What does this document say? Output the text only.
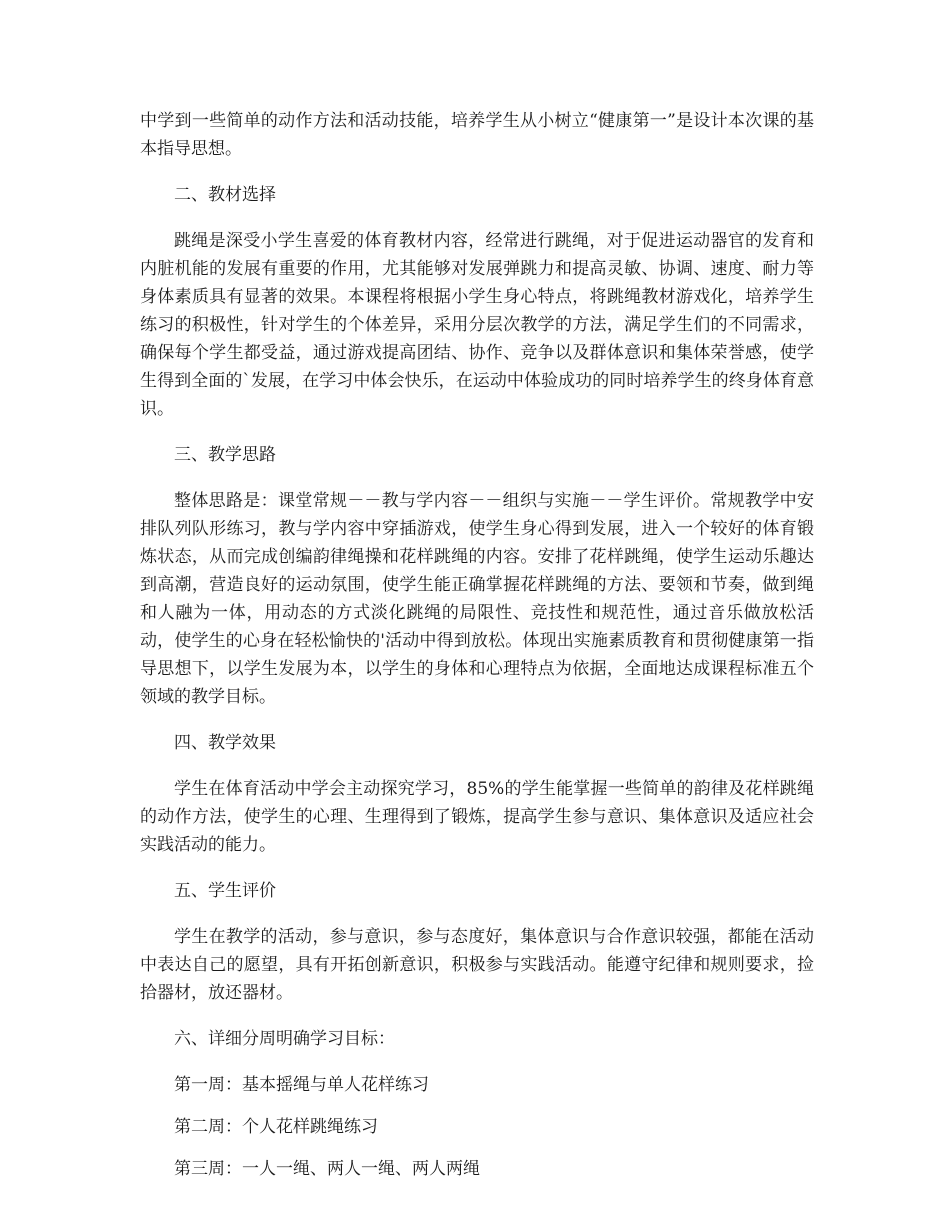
中学到一些简单的动作方法和活动技能，培养学生从小树立“健康第一”是设计本次课的基本指导思想。

二、教材选择

跳绳是深受小学生喜爱的体育教材内容，经常进行跳绳，对于促进运动器官的发育和内脏机能的发展有重要的作用，尤其能够对发展弹跳力和提高灵敏、协调、速度、耐力等身体素质具有显著的效果。本课程将根据小学生身心特点，将跳绳教材游戏化，培养学生练习的积极性，针对学生的个体差异，采用分层次教学的方法，满足学生们的不同需求，确保每个学生都受益，通过游戏提高团结、协作、竞争以及群体意识和集体荣誉感，使学生得到全面的`发展，在学习中体会快乐，在运动中体验成功的同时培养学生的终身体育意识。

三、教学思路

整体思路是：课堂常规－－教与学内容－－组织与实施－－学生评价。常规教学中安排队列队形练习，教与学内容中穿插游戏，使学生身心得到发展，进入一个较好的体育锻炼状态，从而完成创编韵律绳操和花样跳绳的内容。安排了花样跳绳，使学生运动乐趣达到高潮，营造良好的运动氛围，使学生能正确掌握花样跳绳的方法、要领和节奏，做到绳和人融为一体，用动态的方式淡化跳绳的局限性、竞技性和规范性，通过音乐做放松活动，使学生的心身在轻松愉快的'活动中得到放松。体现出实施素质教育和贯彻健康第一指导思想下，以学生发展为本，以学生的身体和心理特点为依据，全面地达成课程标准五个领域的教学目标。

四、教学效果

学生在体育活动中学会主动探究学习，85%的学生能掌握一些简单的韵律及花样跳绳的动作方法，使学生的心理、生理得到了锻炼，提高学生参与意识、集体意识及适应社会实践活动的能力。

五、学生评价

学生在教学的活动，参与意识，参与态度好，集体意识与合作意识较强，都能在活动中表达自己的愿望，具有开拓创新意识，积极参与实践活动。能遵守纪律和规则要求，捡拾器材，放还器材。

六、详细分周明确学习目标：

第一周：基本摇绳与单人花样练习

第二周：个人花样跳绳练习

第三周：一人一绳、两人一绳、两人两绳
